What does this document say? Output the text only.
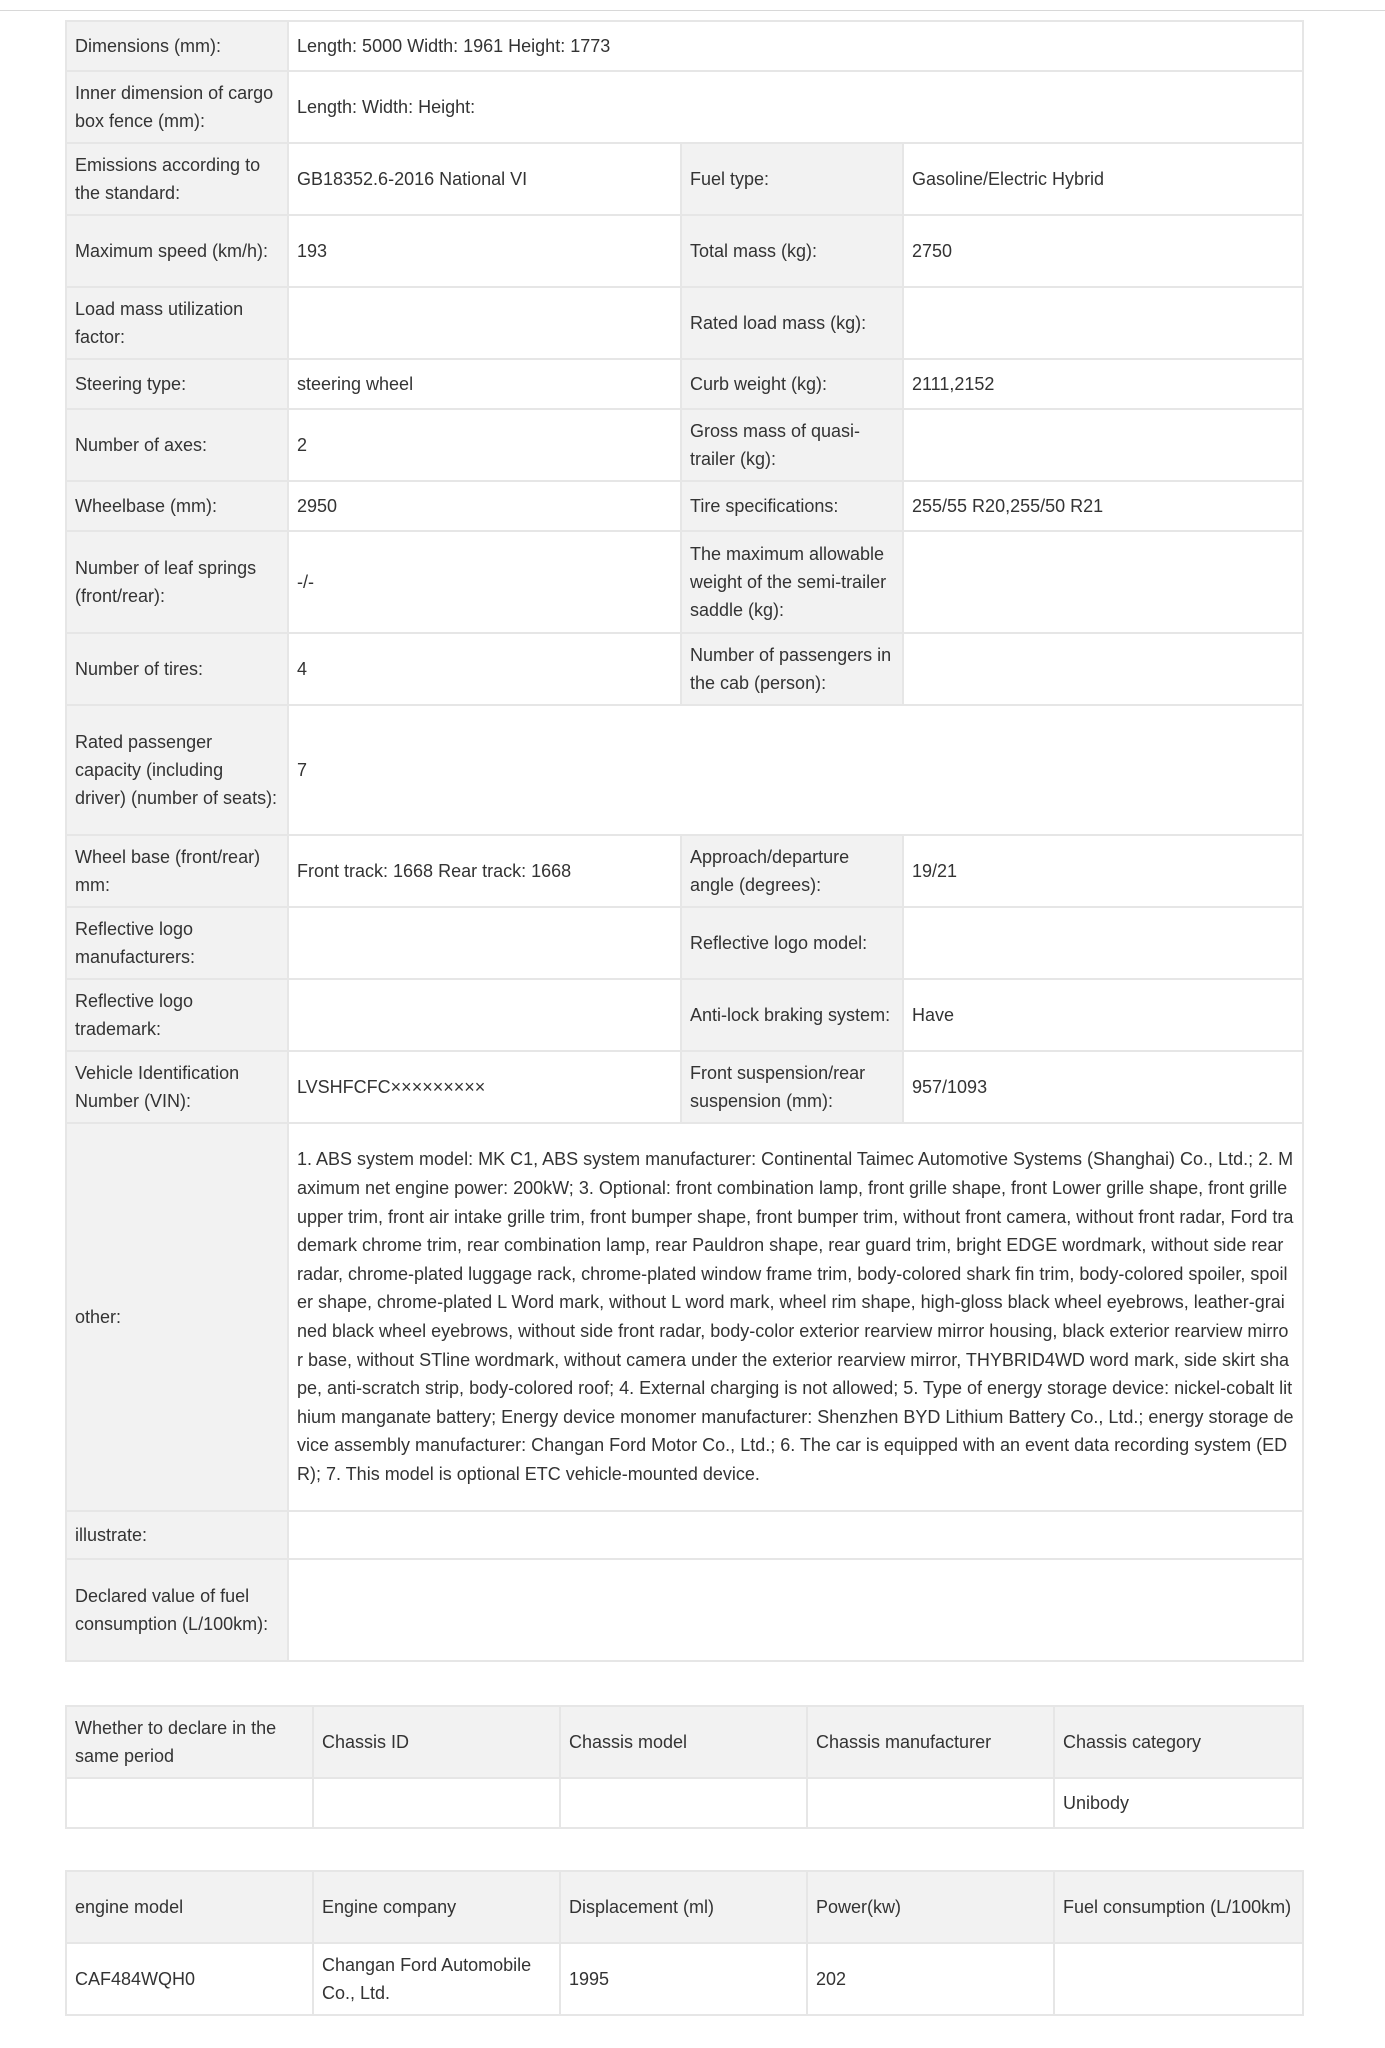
Dimensions (mm):	Length: 5000 Width: 1961 Height: 1773		
Inner dimension of cargo box fence (mm):	Length: Width: Height:		
Emissions according to the standard:	GB18352.6-2016 National VI	Fuel type:	Gasoline/Electric Hybrid
Maximum speed (km/h):	193	Total mass (kg):	2750
Load mass utilization factor:		Rated load mass (kg):	
Steering type:	steering wheel	Curb weight (kg):	2111,2152
Number of axes:	2	Gross mass of quasi-trailer (kg):	
Wheelbase (mm):	2950	Tire specifications:	255/55 R20,255/50 R21
Number of leaf springs (front/rear):	-/-	The maximum allowable weight of the semi-trailer saddle (kg):	
Number of tires:	4	Number of passengers in the cab (person):	
Rated passenger capacity (including driver) (number of seats):	7		
Wheel base (front/rear) mm:	Front track: 1668 Rear track: 1668	Approach/departure angle (degrees):	19/21
Reflective logo manufacturers:		Reflective logo model:	
Reflective logo trademark:		Anti-lock braking system:	Have
Vehicle Identification Number (VIN):	LVSHFCFC×××××××××	Front suspension/rear suspension (mm):	957/1093
other:	1. ABS system model: MK C1, ABS system manufacturer: Continental Taimec Automotive Systems (Shanghai) Co., Ltd.; 2. Maximum net engine power: 200kW; 3. Optional: front combination lamp, front grille shape, front Lower grille shape, front grille upper trim, front air intake grille trim, front bumper shape, front bumper trim, without front camera, without front radar, Ford trademark chrome trim, rear combination lamp, rear Pauldron shape, rear guard trim, bright EDGE wordmark, without side rear radar, chrome-plated luggage rack, chrome-plated window frame trim, body-colored shark fin trim, body-colored spoiler, spoiler shape, chrome-plated L Word mark, without L word mark, wheel rim shape, high-gloss black wheel eyebrows, leather-grained black wheel eyebrows, without side front radar, body-color exterior rearview mirror housing, black exterior rearview mirror base, without STline wordmark, without camera under the exterior rearview mirror, THYBRID4WD word mark, side skirt shape, anti-scratch strip, body-colored roof; 4. External charging is not allowed; 5. Type of energy storage device: nickel-cobalt lithium manganate battery; Energy device monomer manufacturer: Shenzhen BYD Lithium Battery Co., Ltd.; energy storage device assembly manufacturer: Changan Ford Motor Co., Ltd.; 6. The car is equipped with an event data recording system (EDR); 7. This model is optional ETC vehicle-mounted device.		
illustrate:			
Declared value of fuel consumption (L/100km):			
Whether to declare in the same period	Chassis ID	Chassis model	Chassis manufacturer	Chassis category
				Unibody
engine model	Engine company	Displacement (ml)	Power(kw)	Fuel consumption (L/100km)
CAF484WQH0	Changan Ford Automobile Co., Ltd.	1995	202	
